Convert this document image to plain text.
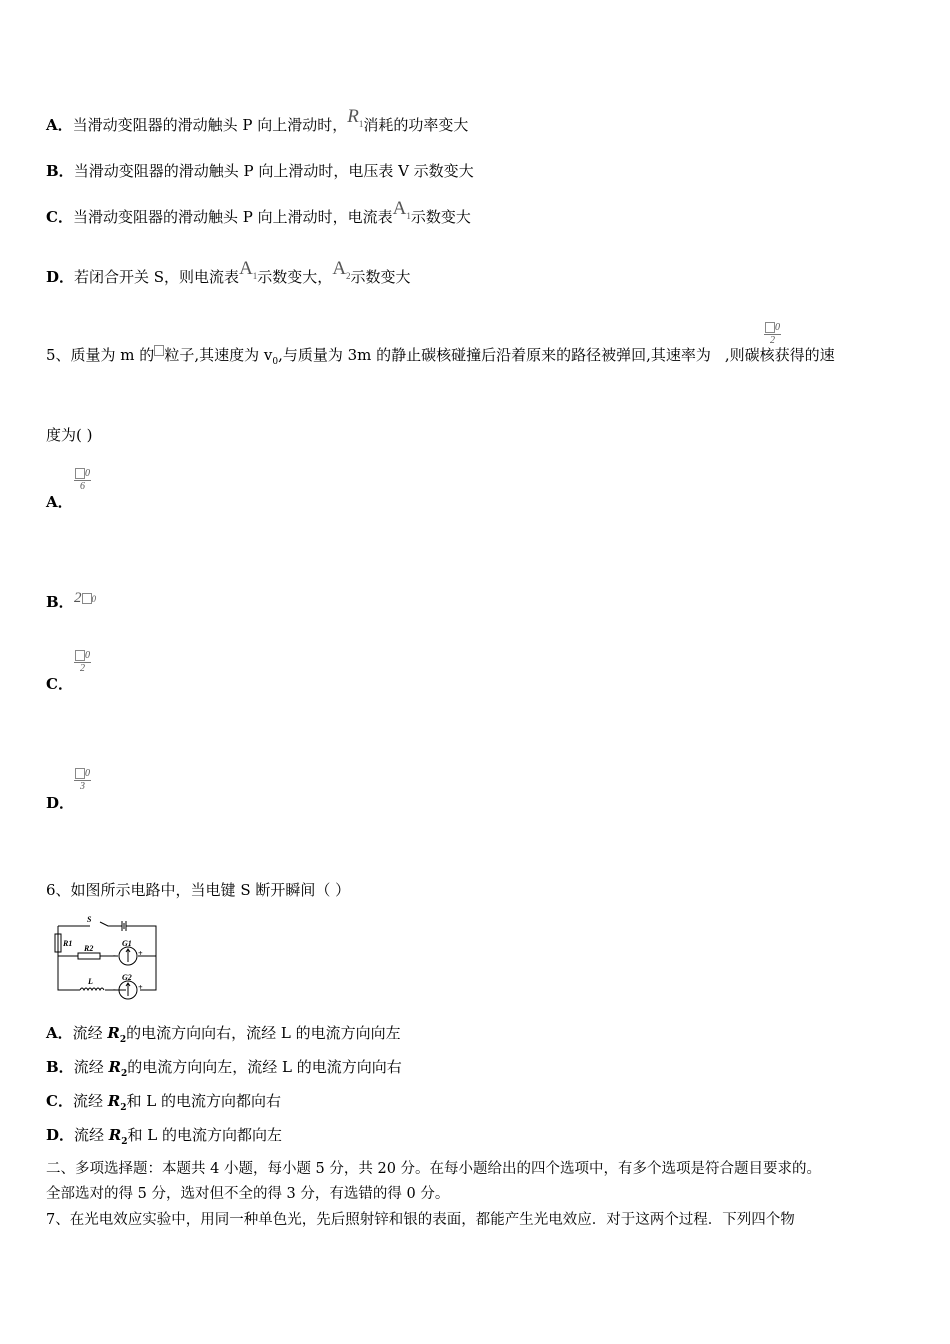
A．当滑动变阻器的滑动触头 P 向上滑动时，$R_1$消耗的功率变大
B．当滑动变阻器的滑动触头 P 向上滑动时，电压表 V 示数变大
C．当滑动变阻器的滑动触头 P 向上滑动时，电流表$A_1$示数变大
D．若闭合开关 S，则电流表$A_1$示数变大，$A_2$示数变大
5、质量为 m 的 粒子,其速度为 $v_0$,与质量为 3m 的静止碳核碰撞后沿着原来的路径被弹回,其速率为 ,则碳核获得的速
$\frac{0}{2}$
度为( )
A．
$\frac{0}{6}$
B． 2 0
C．
$\frac{0}{2}$
D．
$\frac{0}{3}$
6、如图所示电路中，当电键 S 断开瞬间（ ）
S
R1
R2
G1
G2
L
-	+
-	+
A．流经 $R_2$的电流方向向右，流经 L 的电流方向向左
B．流经 $R_2$的电流方向向左，流经 L 的电流方向向右
C．流经 $R_2$和 L 的电流方向都向右
D．流经 $R_2$和 L 的电流方向都向左
二、多项选择题：本题共 4 小题，每小题 5 分，共 20 分。在每小题给出的四个选项中，有多个选项是符合题目要求的。
全部选对的得 5 分，选对但不全的得 3 分，有选错的得 0 分。
7、在光电效应实验中，用同一种单色光，先后照射锌和银的表面，都能产生光电效应．对于这两个过程．下列四个物
